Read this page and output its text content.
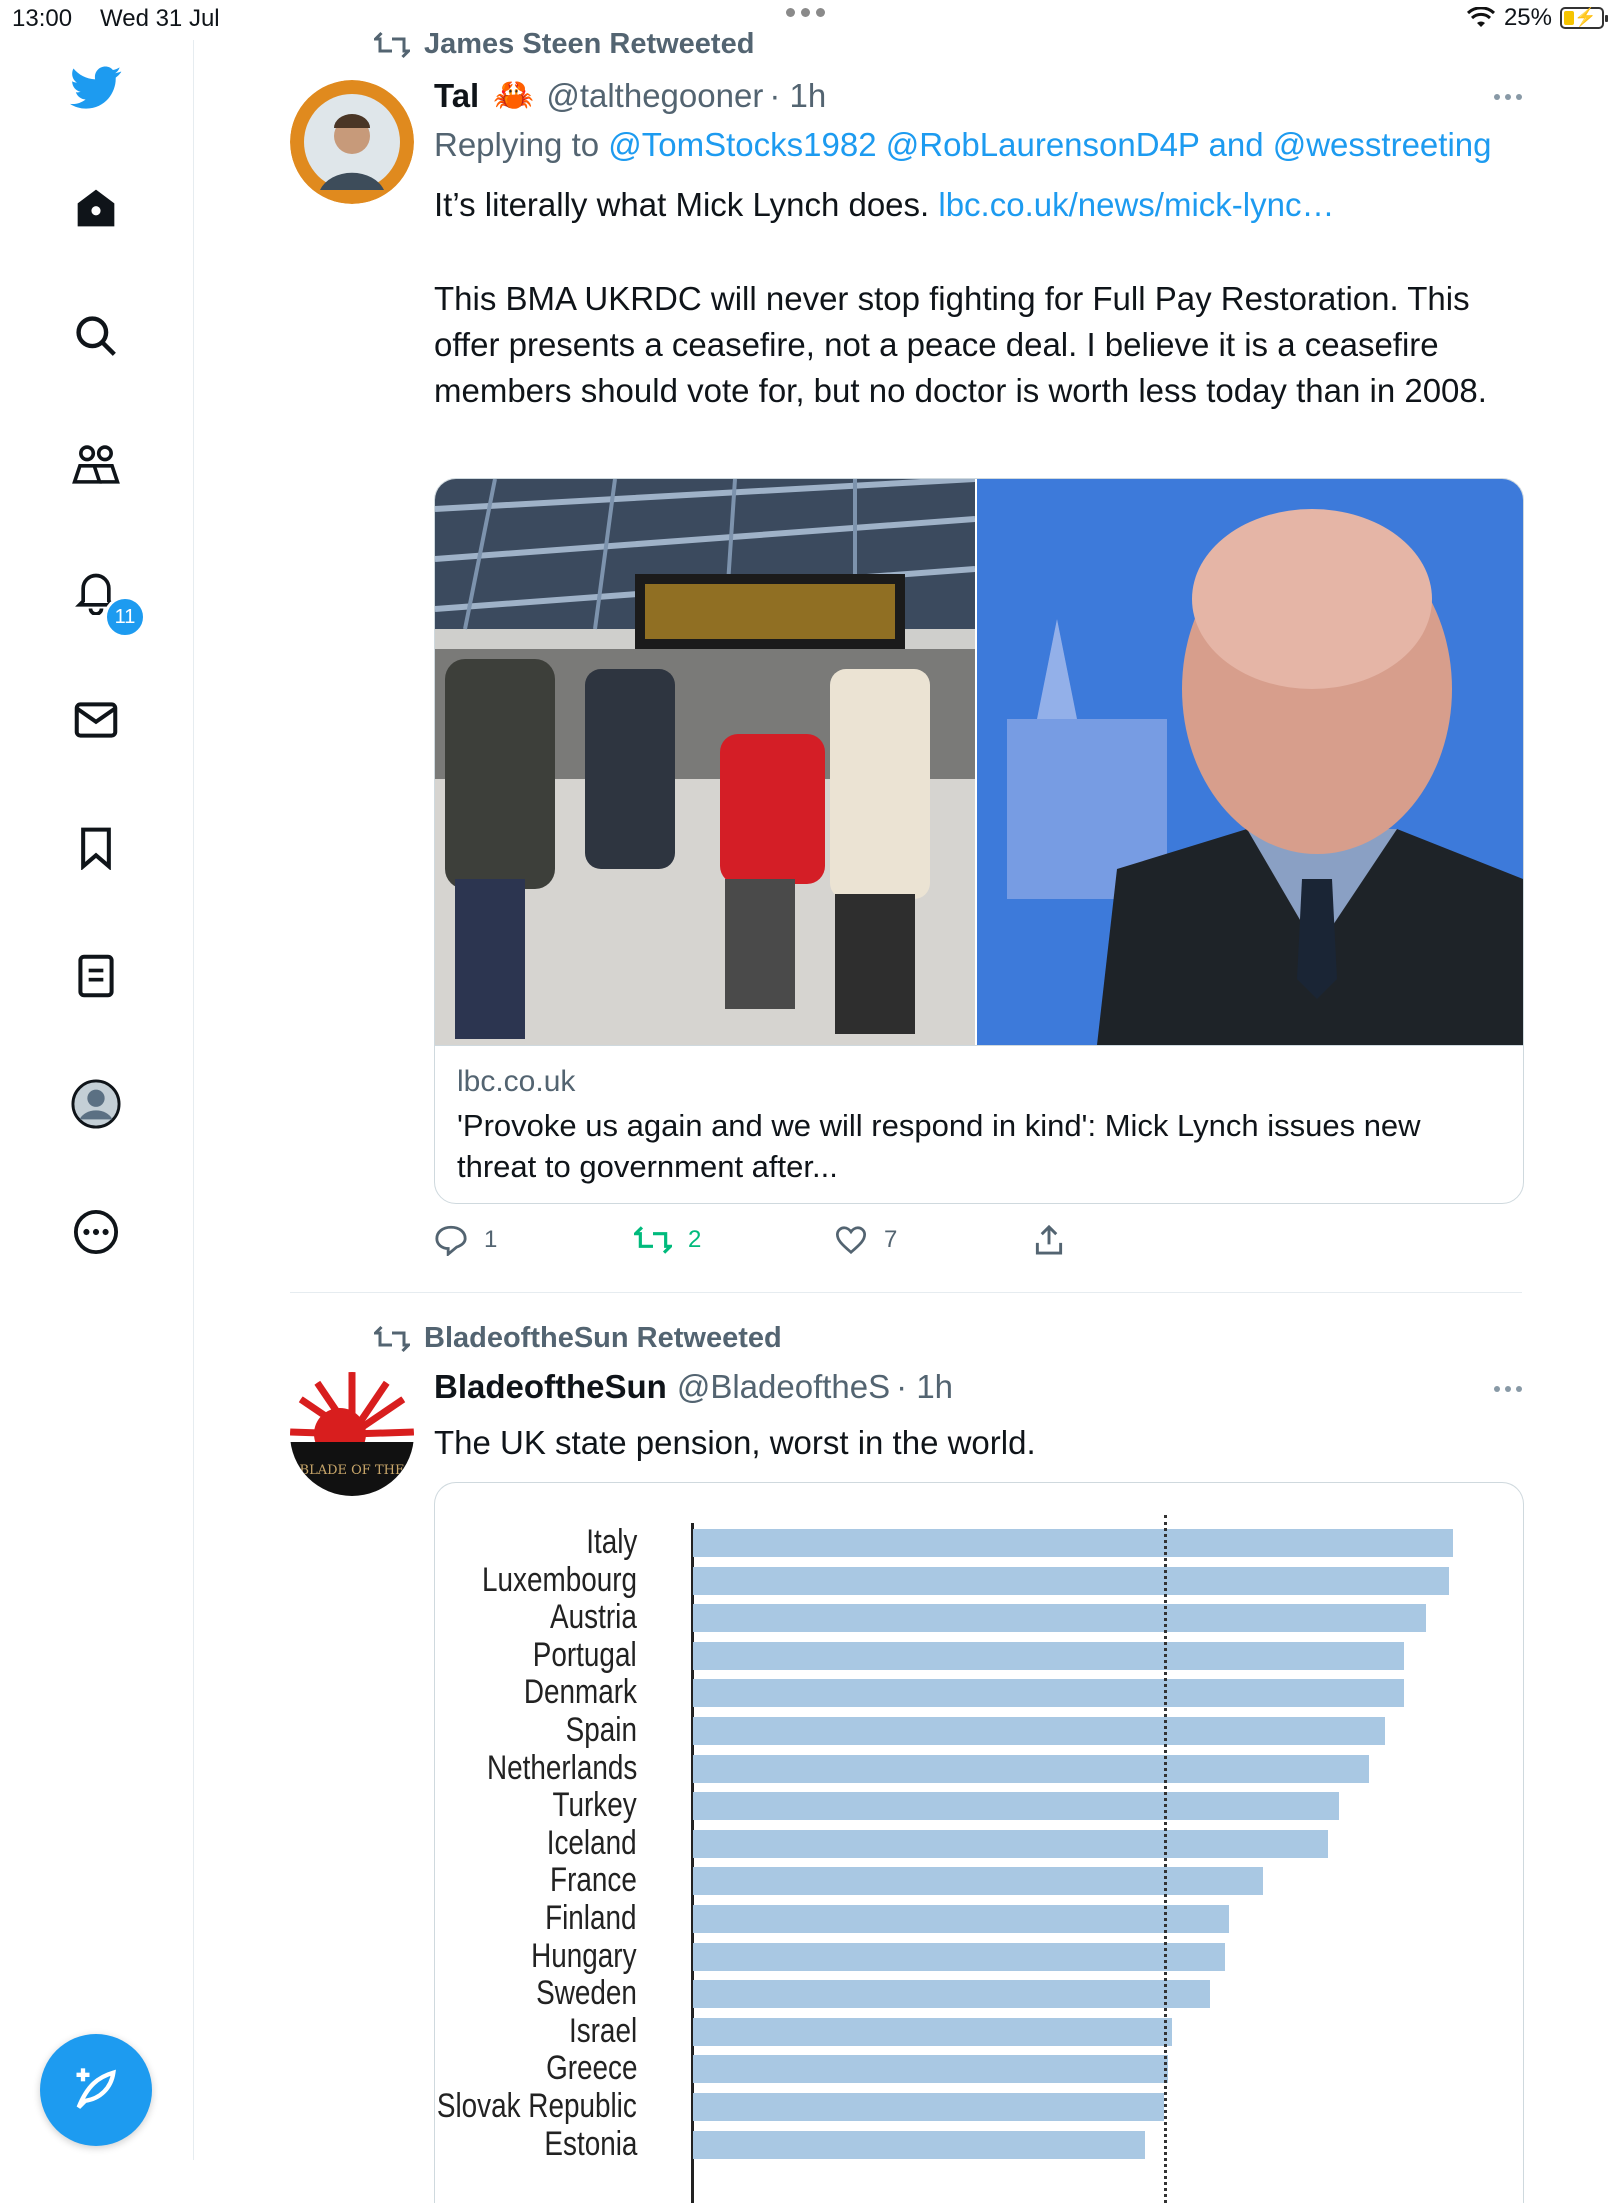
13:00 Wed 31 Jul	25% ⚡
11
James Steen Retweeted
Tal 🦀 @talthegooner · 1h
Replying to @TomStocks1982 @RobLaurensonD4P and @wesstreeting
It’s literally what Mick Lynch does. lbc.co.uk/news/mick-lync…
This BMA UKRDC will never stop fighting for Full Pay Restoration. This offer presents a ceasefire, not a peace deal. I believe it is a ceasefire members should vote for, but no doctor is worth less today than in 2008.
lbc.co.uk
'Provoke us again and we will respond in kind': Mick Lynch issues new threat to government after...
1	2	7
BladeoftheSun Retweeted
BLADE OF THE
BladeoftheSun @BladeoftheS · 1h
The UK state pension, worst in the world.
Italy
Luxembourg
Austria
Portugal
Denmark
Spain
Netherlands
Turkey
Iceland
France
Finland
Hungary
Sweden
Israel
Greece
Slovak Republic
Estonia
